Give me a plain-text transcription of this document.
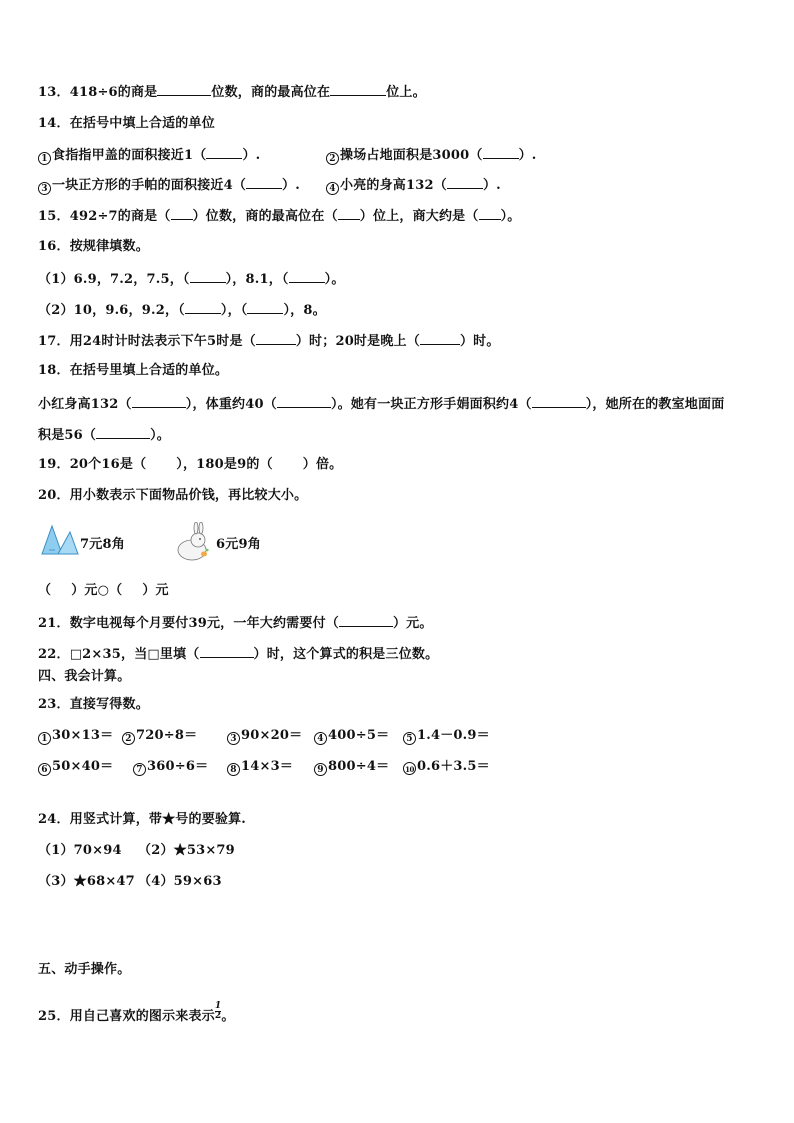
13．418÷6的商是	位数，商的最高位在	位上。
14．在括号中填上合适的单位
1 食指指甲盖的面积接近1（	）.	2 操场占地面积是3000（	）.
3 一块正方形的手帕的面积接近4（	）.	4 小亮的身高132（	）.
15．492÷7的商是（ ）位数，商的最高位在（ ）位上，商大约是（ ）。
16．按规律填数。
（1）6.9，7.2，7.5，（	），8.1，（	）。
（2）10，9.6，9.2，（	），（	），8。
17．用24时计时法表示下午5时是（	）时；20时是晚上（	）时。
18．在括号里填上合适的单位。
小红身高132（	），体重约40（	）。她有一块正方形手娟面积约4（	），她所在的教室地面面
积是56（	）。
19．20个16是（ ），180是9的（ ）倍。
20．用小数表示下面物品价钱，再比较大小。
7元8角	6元9角
（ ）元○（ ）元
21．数字电视每个月要付39元，一年大约需要付（	）元。
22．□2×35，当□里填（	）时，这个算式的积是三位数。
四、我会计算。
23．直接写得数。
1 30×13＝	2 720÷8＝	3 90×20＝	4 400÷5＝	5 1.4－0.9＝
6 50×40＝	7 360÷6＝	8 14×3＝	9 800÷4＝	10 0.6＋3.5＝
24．用竖式计算，带★号的要验算.
（1）70×94 （2）★53×79
（3）★68×47 （4）59×63
五、动手操作。
25．用自己喜欢的图示来表示 $\frac{1}{2}$ 。
